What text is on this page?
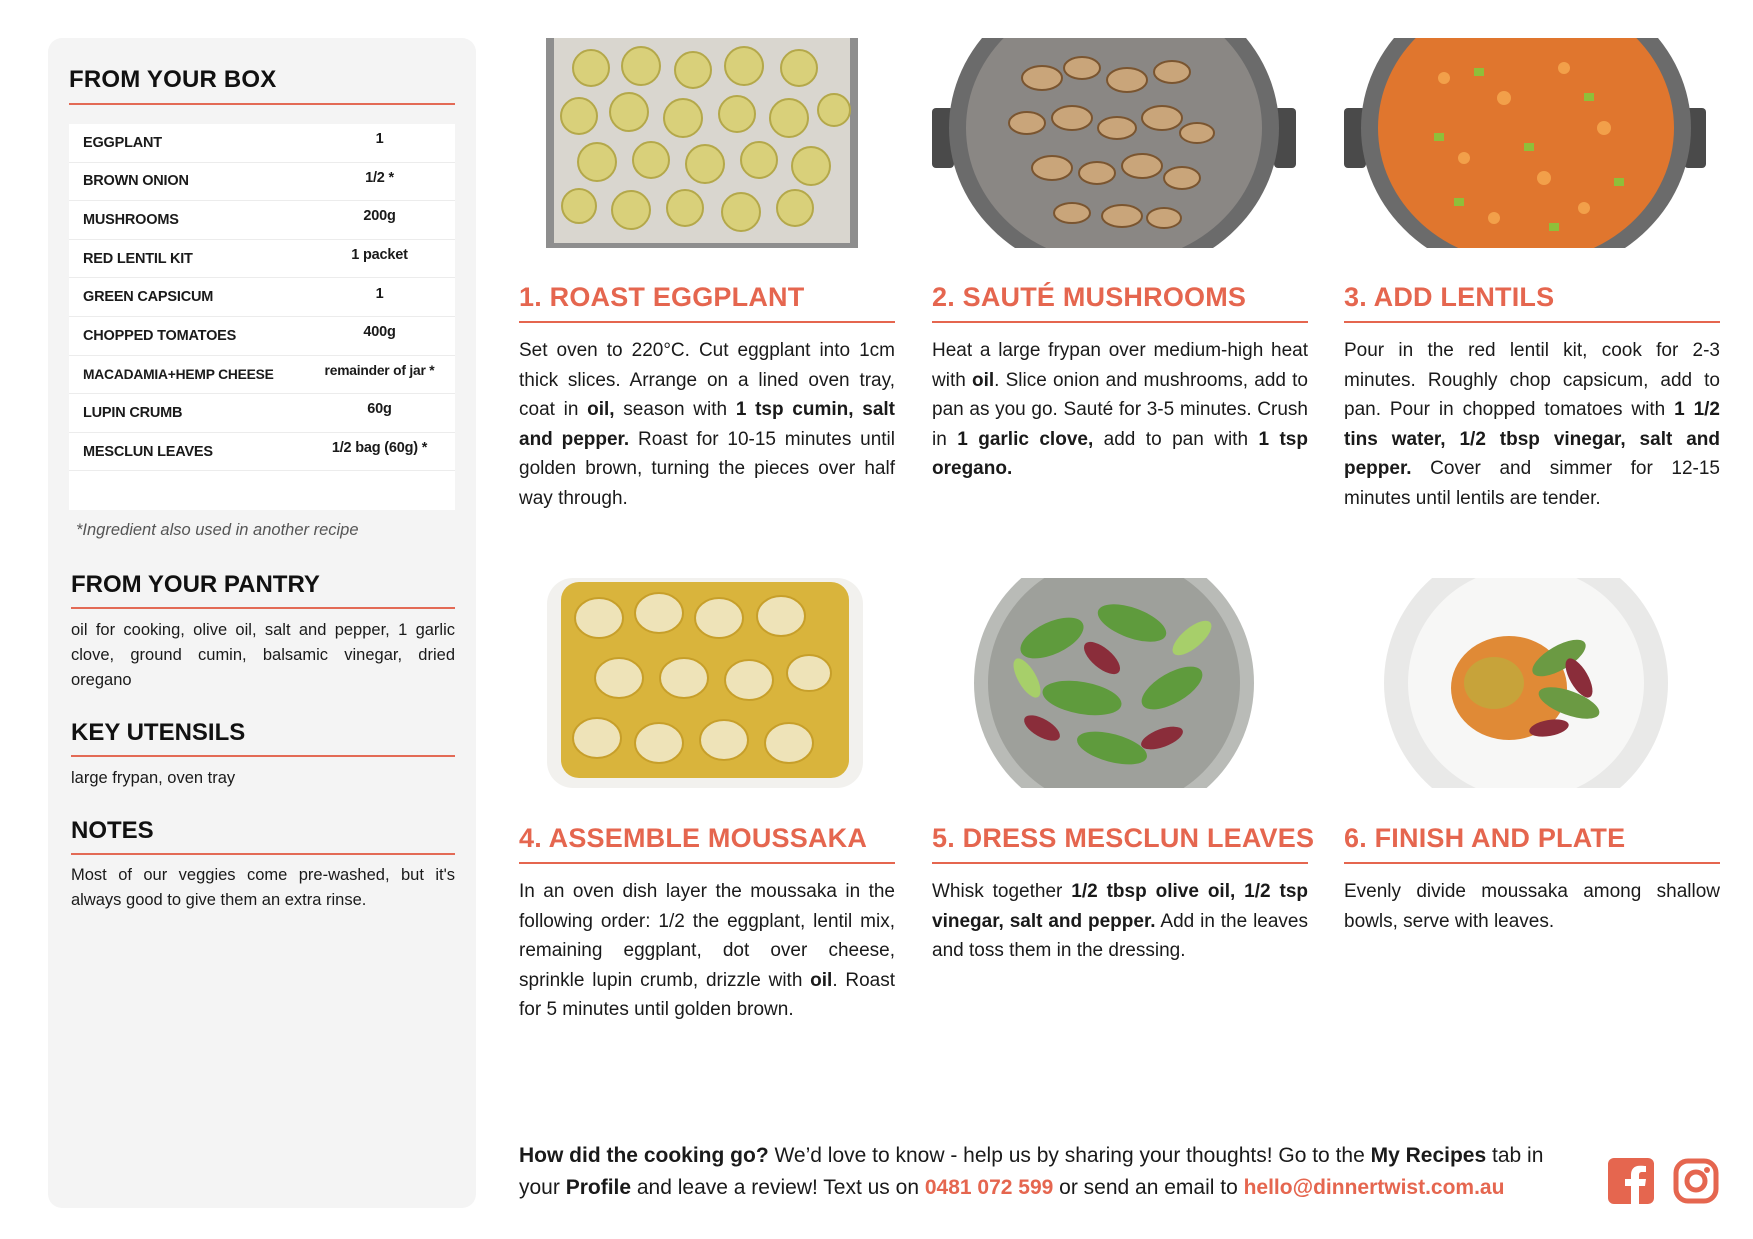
FROM YOUR BOX
EGGPLANT	1
BROWN ONION	1/2 *
MUSHROOMS	200g
RED LENTIL KIT	1 packet
GREEN CAPSICUM	1
CHOPPED TOMATOES	400g
MACADAMIA+HEMP CHEESE	remainder of jar *
LUPIN CRUMB	60g
MESCLUN LEAVES	1/2 bag (60g) *
*Ingredient also used in another recipe
FROM YOUR PANTRY
oil for cooking, olive oil, salt and pepper, 1 garlic clove, ground cumin, balsamic vinegar, dried oregano
KEY UTENSILS
large frypan, oven tray
NOTES
Most of our veggies come pre-washed, but it's always good to give them an extra rinse.
1. ROAST EGGPLANT
Set oven to 220°C. Cut eggplant into 1cm thick slices. Arrange on a lined oven tray, coat in oil, season with 1 tsp cumin, salt and pepper. Roast for 10-15 minutes until golden brown, turning the pieces over half way through.
2. SAUTÉ MUSHROOMS
Heat a large frypan over medium-high heat with oil. Slice onion and mushrooms, add to pan as you go. Sauté for 3-5 minutes. Crush in 1 garlic clove, add to pan with 1 tsp oregano.
3. ADD LENTILS
Pour in the red lentil kit, cook for 2-3 minutes. Roughly chop capsicum, add to pan. Pour in chopped tomatoes with 1 1/2 tins water, 1/2 tbsp vinegar, salt and pepper. Cover and simmer for 12-15 minutes until lentils are tender.
4. ASSEMBLE MOUSSAKA
In an oven dish layer the moussaka in the following order: 1/2 the eggplant, lentil mix, remaining eggplant, dot over cheese, sprinkle lupin crumb, drizzle with oil. Roast for 5 minutes until golden brown.
5. DRESS MESCLUN LEAVES
Whisk together 1/2 tbsp olive oil, 1/2 tsp vinegar, salt and pepper. Add in the leaves and toss them in the dressing.
6. FINISH AND PLATE
Evenly divide moussaka among shallow bowls, serve with leaves.
How did the cooking go? We’d love to know - help us by sharing your thoughts! Go to the My Recipes tab in your Profile and leave a review! Text us on 0481 072 599 or send an email to hello@dinnertwist.com.au
